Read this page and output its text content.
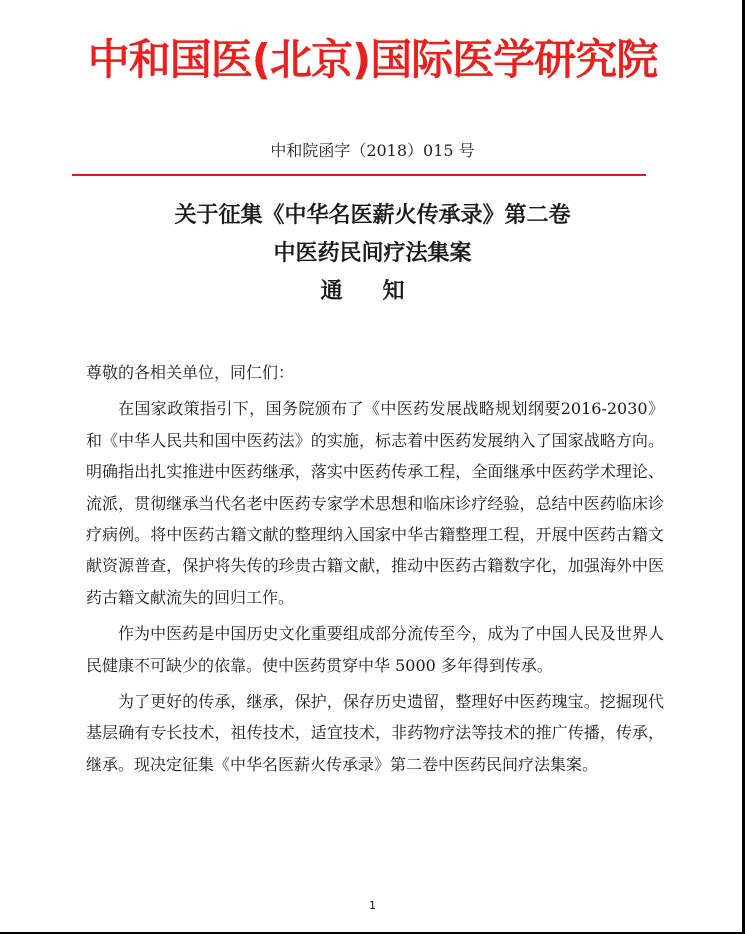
中和国医(北京)国际医学研究院
中和院函字（2018）015 号
关于征集《中华名医薪火传承录》第二卷
中医药民间疗法集案
通知

尊敬的各相关单位，同仁们：

在国家政策指引下，国务院颁布了《中医药发展战略规划纲要2016-2030》和《中华人民共和国中医药法》的实施，标志着中医药发展纳入了国家战略方向。明确指出扎实推进中医药继承，落实中医药传承工程，全面继承中医药学术理论、流派，贯彻继承当代名老中医药专家学术思想和临床诊疗经验，总结中医药临床诊疗病例。将中医药古籍文献的整理纳入国家中华古籍整理工程，开展中医药古籍文献资源普查，保护将失传的珍贵古籍文献，推动中医药古籍数字化，加强海外中医药古籍文献流失的回归工作。

作为中医药是中国历史文化重要组成部分流传至今，成为了中国人民及世界人民健康不可缺少的依靠。使中医药贯穿中华 5000 多年得到传承。

为了更好的传承，继承，保护，保存历史遗留，整理好中医药瑰宝。挖掘现代基层确有专长技术，祖传技术，适宜技术，非药物疗法等技术的推广传播，传承，继承。现决定征集《中华名医薪火传承录》第二卷中医药民间疗法集案。

1
